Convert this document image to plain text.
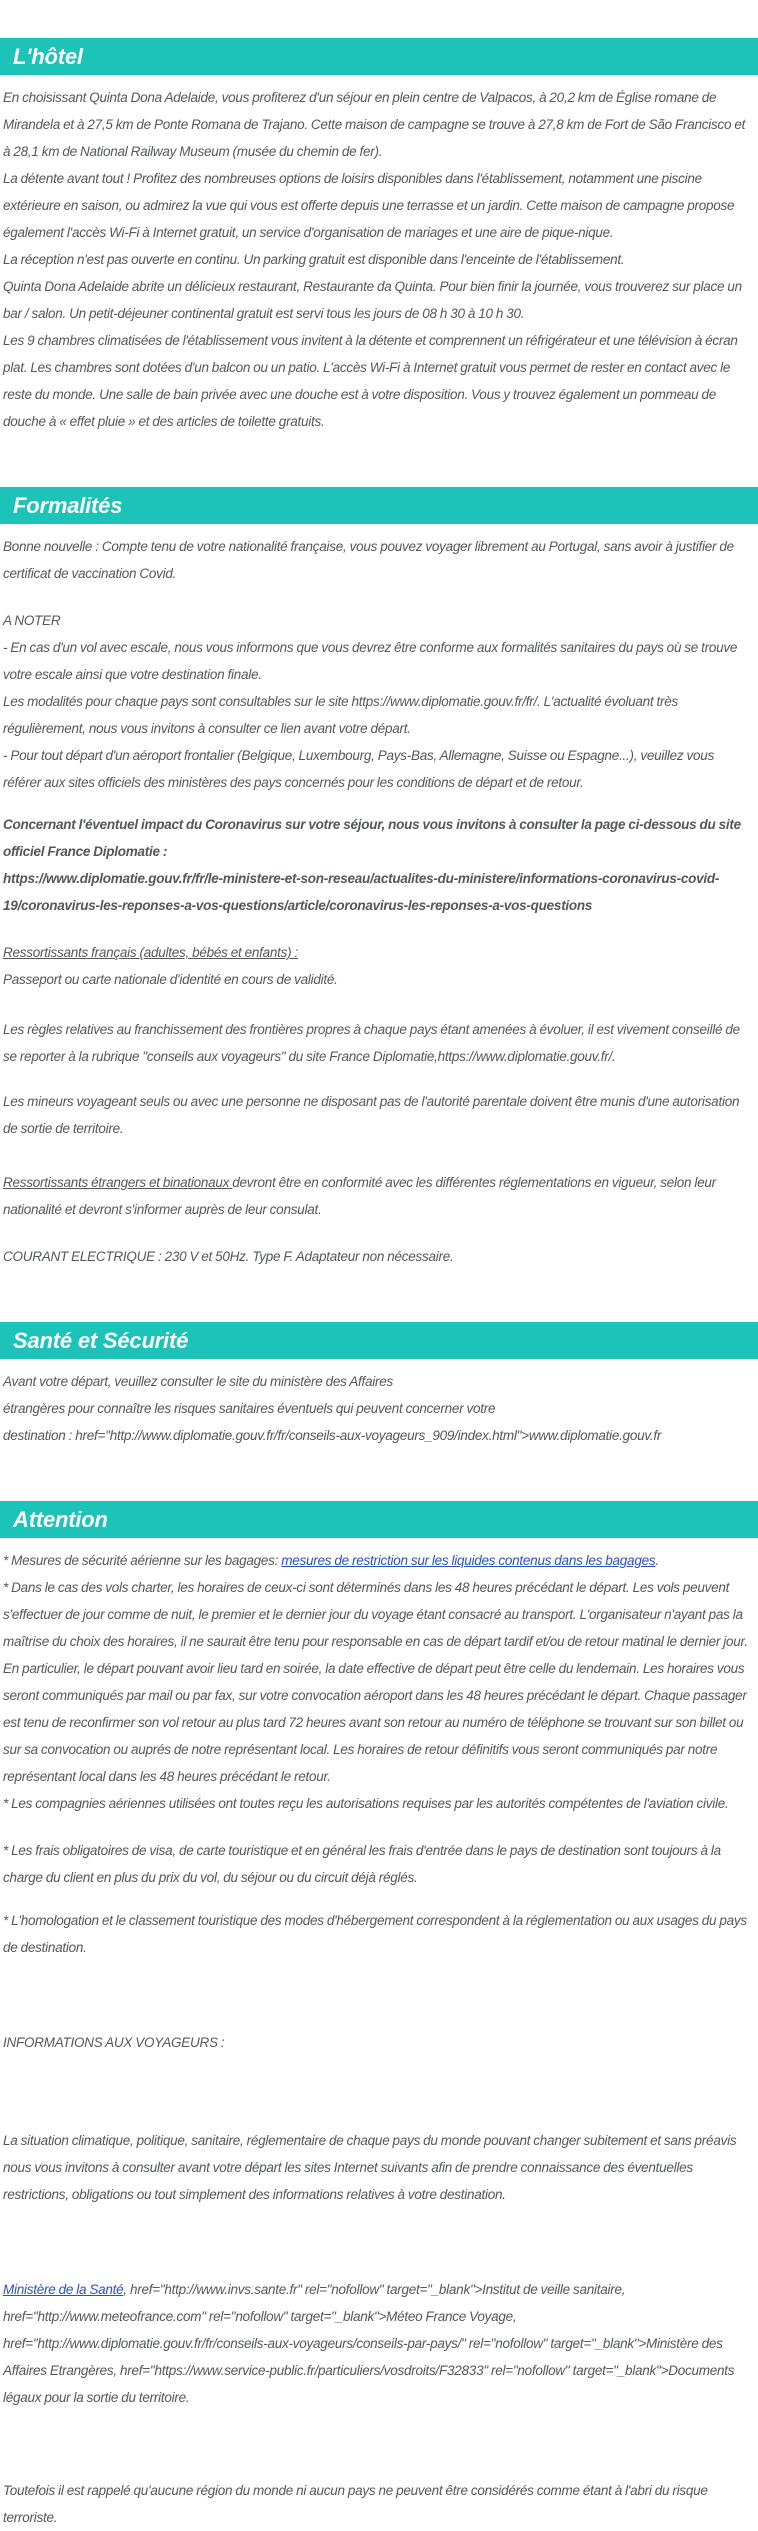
L'hôtel

En choisissant Quinta Dona Adelaide, vous profiterez d'un séjour en plein centre de Valpacos, à 20,2 km de Église romane de Mirandela et à 27,5 km de Ponte Romana de Trajano. Cette maison de campagne se trouve à 27,8 km de Fort de São Francisco et à 28,1 km de National Railway Museum (musée du chemin de fer).

La détente avant tout ! Profitez des nombreuses options de loisirs disponibles dans l'établissement, notamment une piscine extérieure en saison, ou admirez la vue qui vous est offerte depuis une terrasse et un jardin. Cette maison de campagne propose également l'accès Wi-Fi à Internet gratuit, un service d'organisation de mariages et une aire de pique-nique.

La réception n'est pas ouverte en continu. Un parking gratuit est disponible dans l'enceinte de l'établissement.

Quinta Dona Adelaide abrite un délicieux restaurant, Restaurante da Quinta. Pour bien finir la journée, vous trouverez sur place un bar / salon. Un petit-déjeuner continental gratuit est servi tous les jours de 08 h 30 à 10 h 30.

Les 9 chambres climatisées de l'établissement vous invitent à la détente et comprennent un réfrigérateur et une télévision à écran plat. Les chambres sont dotées d'un balcon ou un patio. L'accès Wi-Fi à Internet gratuit vous permet de rester en contact avec le reste du monde. Une salle de bain privée avec une douche est à votre disposition. Vous y trouvez également un pommeau de douche à « effet pluie » et des articles de toilette gratuits.

Formalités

Bonne nouvelle : Compte tenu de votre nationalité française, vous pouvez voyager librement au Portugal, sans avoir à justifier de certificat de vaccination Covid.

A NOTER

- En cas d'un vol avec escale, nous vous informons que vous devrez être conforme aux formalités sanitaires du pays où se trouve votre escale ainsi que votre destination finale.

Les modalités pour chaque pays sont consultables sur le site https://www.diplomatie.gouv.fr/fr/. L'actualité évoluant très régulièrement, nous vous invitons à consulter ce lien avant votre départ.

- Pour tout départ d'un aéroport frontalier (Belgique, Luxembourg, Pays-Bas, Allemagne, Suisse ou Espagne...), veuillez vous référer aux sites officiels des ministères des pays concernés pour les conditions de départ et de retour.

Concernant l'éventuel impact du Coronavirus sur votre séjour, nous vous invitons à consulter la page ci-dessous du site officiel France Diplomatie :

https://www.diplomatie.gouv.fr/fr/le-ministere-et-son-reseau/actualites-du-ministere/informations-coronavirus-covid-19/coronavirus-les-reponses-a-vos-questions/article/coronavirus-les-reponses-a-vos-questions

Ressortissants français (adultes, bébés et enfants) :

Passeport ou carte nationale d'identité en cours de validité.

Les règles relatives au franchissement des frontières propres à chaque pays étant amenées à évoluer, il est vivement conseillé de se reporter à la rubrique "conseils aux voyageurs" du site France Diplomatie,https://www.diplomatie.gouv.fr/.

Les mineurs voyageant seuls ou avec une personne ne disposant pas de l'autorité parentale doivent être munis d'une autorisation de sortie de territoire.

Ressortissants étrangers et binationaux devront être en conformité avec les différentes réglementations en vigueur, selon leur nationalité et devront s'informer auprès de leur consulat.

COURANT ELECTRIQUE : 230 V et 50Hz. Type F. Adaptateur non nécessaire.

Santé et Sécurité

Avant votre départ, veuillez consulter le site du ministère des Affaires

étrangères pour connaître les risques sanitaires éventuels qui peuvent concerner votre

destination : href="http://www.diplomatie.gouv.fr/fr/conseils-aux-voyageurs_909/index.html">www.diplomatie.gouv.fr

Attention

* Mesures de sécurité aérienne sur les bagages: mesures de restriction sur les liquides contenus dans les bagages.

* Dans le cas des vols charter, les horaires de ceux-ci sont déterminés dans les 48 heures précédant le départ. Les vols peuvent s'effectuer de jour comme de nuit, le premier et le dernier jour du voyage étant consacré au transport. L'organisateur n'ayant pas la maîtrise du choix des horaires, il ne saurait être tenu pour responsable en cas de départ tardif et/ou de retour matinal le dernier jour. En particulier, le départ pouvant avoir lieu tard en soirée, la date effective de départ peut être celle du lendemain. Les horaires vous seront communiqués par mail ou par fax, sur votre convocation aéroport dans les 48 heures précédant le départ. Chaque passager est tenu de reconfirmer son vol retour au plus tard 72 heures avant son retour au numéro de téléphone se trouvant sur son billet ou sur sa convocation ou auprés de notre représentant local. Les horaires de retour définitifs vous seront communiqués par notre représentant local dans les 48 heures précédant le retour.

* Les compagnies aériennes utilisées ont toutes reçu les autorisations requises par les autorités compétentes de l'aviation civile.

* Les frais obligatoires de visa, de carte touristique et en général les frais d'entrée dans le pays de destination sont toujours à la charge du client en plus du prix du vol, du séjour ou du circuit déjà réglés.

* L'homologation et le classement touristique des modes d'hébergement correspondent à la réglementation ou aux usages du pays de destination.

INFORMATIONS AUX VOYAGEURS :

La situation climatique, politique, sanitaire, réglementaire de chaque pays du monde pouvant changer subitement et sans préavis

nous vous invitons à consulter avant votre départ les sites Internet suivants afin de prendre connaissance des éventuelles restrictions, obligations ou tout simplement des informations relatives à votre destination.

Ministère de la Santé, href="http://www.invs.sante.fr" rel="nofollow" target="_blank">Institut de veille sanitaire, href="http://www.meteofrance.com" rel="nofollow" target="_blank">Méteo France Voyage, href="http://www.diplomatie.gouv.fr/fr/conseils-aux-voyageurs/conseils-par-pays/" rel="nofollow" target="_blank">Ministère des Affaires Etrangères, href="https://www.service-public.fr/particuliers/vosdroits/F32833" rel="nofollow" target="_blank">Documents légaux pour la sortie du territoire.

Toutefois il est rappelé qu'aucune région du monde ni aucun pays ne peuvent être considérés comme étant à l'abri du risque terroriste.
